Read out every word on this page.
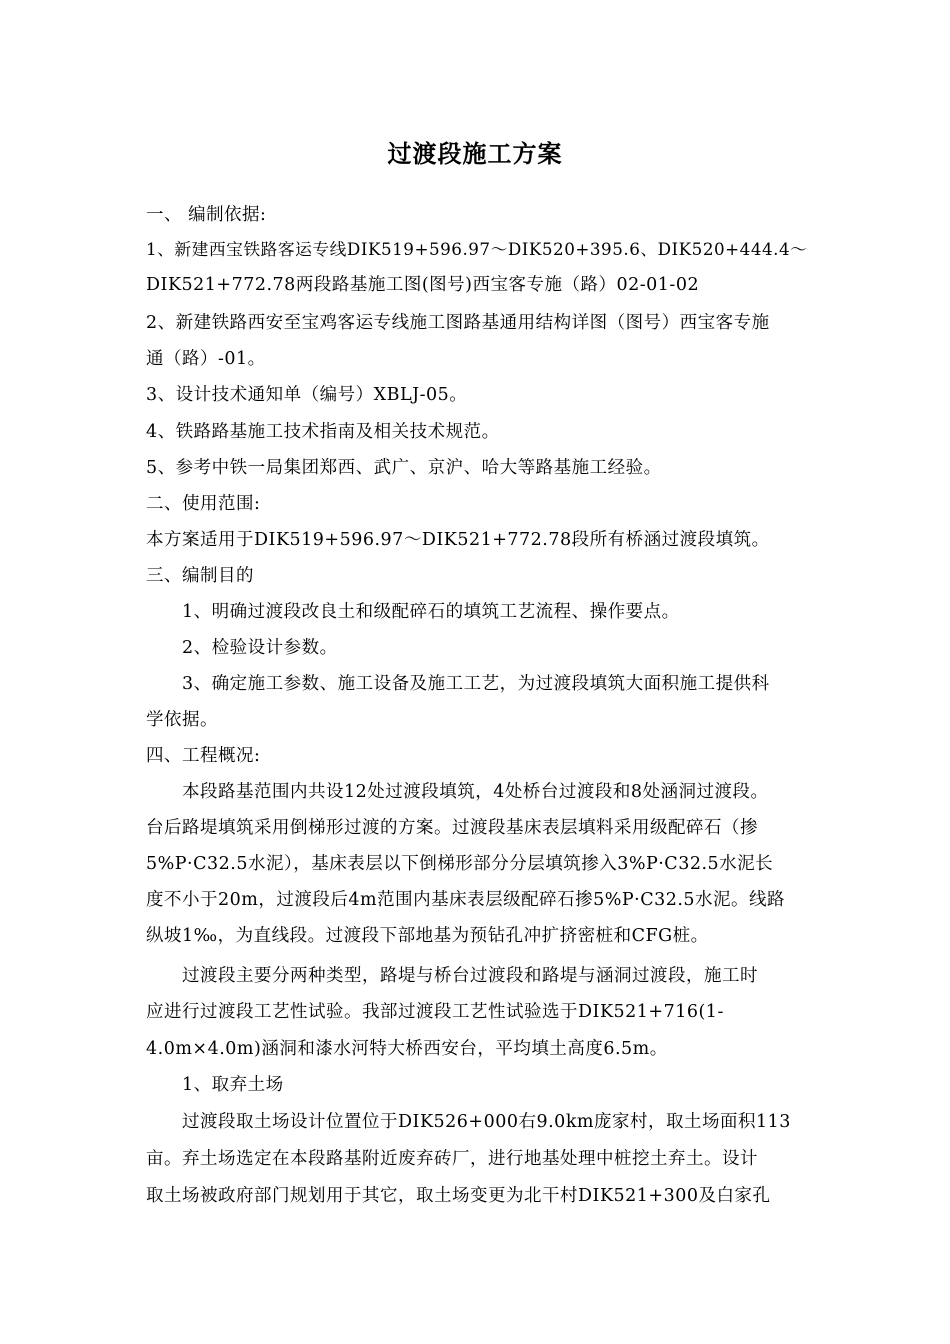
过渡段施工方案

一、 编制依据:

1、新建西宝铁路客运专线DIK519+596.97～DIK520+395.6、DIK520+444.4～

DIK521+772.78两段路基施工图(图号)西宝客专施（路）02-01-02

2、新建铁路西安至宝鸡客运专线施工图路基通用结构详图（图号）西宝客专施

通（路）-01。

3、设计技术通知单（编号）XBLJ-05。

4、铁路路基施工技术指南及相关技术规范。

5、参考中铁一局集团郑西、武广、京沪、哈大等路基施工经验。

二、使用范围:

本方案适用于DIK519+596.97～DIK521+772.78段所有桥涵过渡段填筑。

三、编制目的

1、明确过渡段改良土和级配碎石的填筑工艺流程、操作要点。

2、检验设计参数。

3、确定施工参数、施工设备及施工工艺，为过渡段填筑大面积施工提供科

学依据。

四、工程概况:

本段路基范围内共设12处过渡段填筑，4处桥台过渡段和8处涵洞过渡段。

台后路堤填筑采用倒梯形过渡的方案。过渡段基床表层填料采用级配碎石（掺

5%P·C32.5水泥），基床表层以下倒梯形部分分层填筑掺入3%P·C32.5水泥长

度不小于20m，过渡段后4m范围内基床表层级配碎石掺5%P·C32.5水泥。线路

纵坡1‰，为直线段。过渡段下部地基为预钻孔冲扩挤密桩和CFG桩。

过渡段主要分两种类型，路堤与桥台过渡段和路堤与涵洞过渡段，施工时

应进行过渡段工艺性试验。我部过渡段工艺性试验选于DIK521+716(1-

4.0m×4.0m)涵洞和漆水河特大桥西安台，平均填土高度6.5m。

1、取弃土场

过渡段取土场设计位置位于DIK526+000右9.0km庞家村，取土场面积113

亩。弃土场选定在本段路基附近废弃砖厂，进行地基处理中桩挖土弃土。设计

取土场被政府部门规划用于其它，取土场变更为北干村DIK521+300及白家孔
